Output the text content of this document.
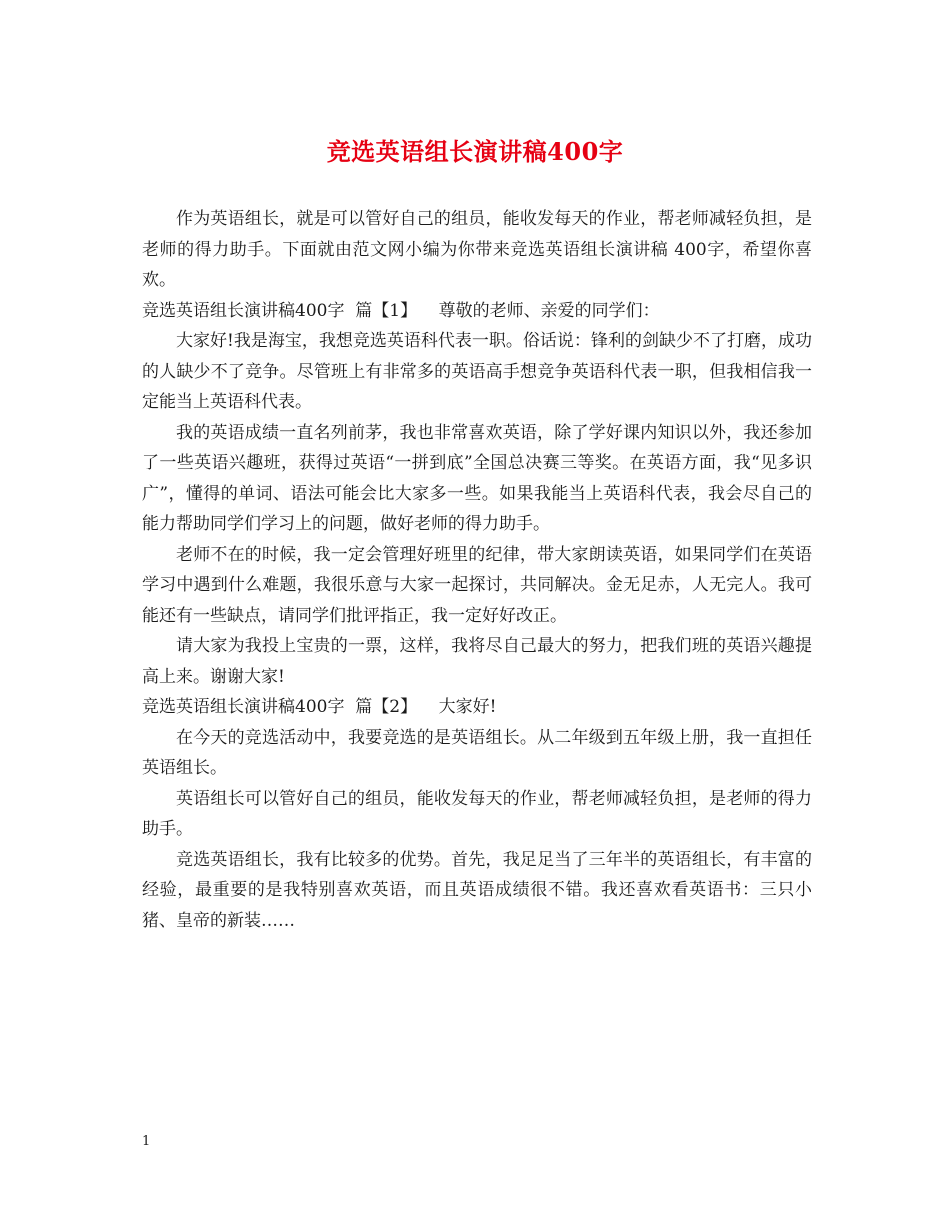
竞选英语组长演讲稿400字

作为英语组长，就是可以管好自己的组员，能收发每天的作业，帮老师减轻负担，是老师的得力助手。下面就由范文网小编为你带来竞选英语组长演讲稿 400字，希望你喜欢。

竞选英语组长演讲稿400字  篇【1】    尊敬的老师、亲爱的同学们：

大家好!我是海宝，我想竞选英语科代表一职。俗话说：锋利的剑缺少不了打磨，成功的人缺少不了竞争。尽管班上有非常多的英语高手想竞争英语科代表一职，但我相信我一定能当上英语科代表。

我的英语成绩一直名列前茅，我也非常喜欢英语，除了学好课内知识以外，我还参加了一些英语兴趣班，获得过英语“一拼到底”全国总决赛三等奖。在英语方面，我“见多识广”，懂得的单词、语法可能会比大家多一些。如果我能当上英语科代表，我会尽自己的能力帮助同学们学习上的问题，做好老师的得力助手。

老师不在的时候，我一定会管理好班里的纪律，带大家朗读英语，如果同学们在英语学习中遇到什么难题，我很乐意与大家一起探讨，共同解决。金无足赤，人无完人。我可能还有一些缺点，请同学们批评指正，我一定好好改正。

请大家为我投上宝贵的一票，这样，我将尽自己最大的努力，把我们班的英语兴趣提高上来。谢谢大家!

竞选英语组长演讲稿400字  篇【2】    大家好!

在今天的竞选活动中，我要竞选的是英语组长。从二年级到五年级上册，我一直担任英语组长。

英语组长可以管好自己的组员，能收发每天的作业，帮老师减轻负担，是老师的得力助手。

竞选英语组长，我有比较多的优势。首先，我足足当了三年半的英语组长，有丰富的经验，最重要的是我特别喜欢英语，而且英语成绩很不错。我还喜欢看英语书：三只小猪、皇帝的新装……

1
